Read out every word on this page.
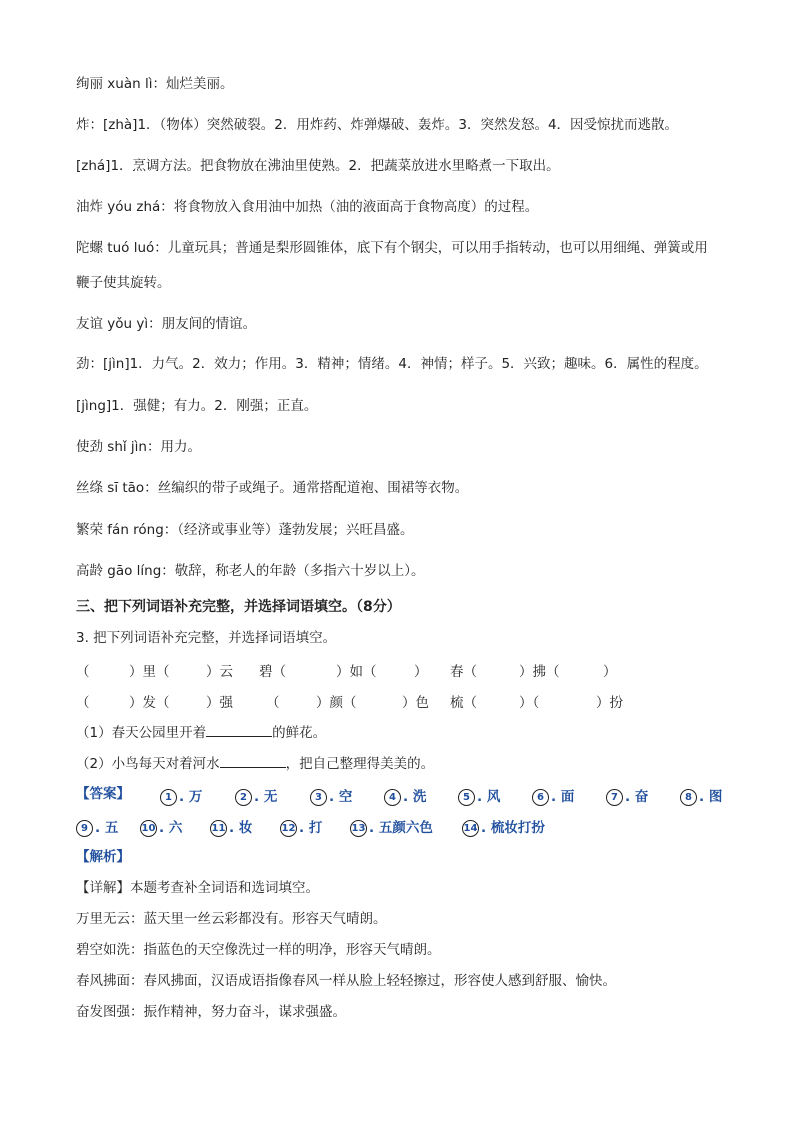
绚丽 xuàn lì：灿烂美丽。
炸：[zhà]1．（物体）突然破裂。2．用炸药、炸弹爆破、轰炸。3．突然发怒。4．因受惊扰而逃散。
[zhá]1．烹调方法。把食物放在沸油里使熟。2．把蔬菜放进水里略煮一下取出。
油炸 yóu zhá：将食物放入食用油中加热（油的液面高于食物高度）的过程。
陀螺 tuó luó：儿童玩具；普通是梨形圆锥体，底下有个钢尖，可以用手指转动，也可以用细绳、弹簧或用
鞭子使其旋转。
友谊 yǒu yì：朋友间的情谊。
劲：[jìn]1．力气。2．效力；作用。3．精神；情绪。4．神情；样子。5．兴致；趣味。6．属性的程度。
[jìng]1．强健；有力。2．刚强；正直。
使劲 shǐ jìn：用力。
丝绦 sī tāo：丝编织的带子或绳子。通常搭配道袍、围裙等衣物。
繁荣 fán róng：（经济或事业等）蓬勃发展；兴旺昌盛。
高龄 gāo líng：敬辞，称老人的年龄（多指六十岁以上）。
三、把下列词语补充完整，并选择词语填空。（8分）
3. 把下列词语补充完整，并选择词语填空。
（	）里（	）云 碧（	）如（	） 春（	）拂（	）
（	）发（	）强 （	）颜（	）色 梳（	）（	）扮
（1）春天公园里开着	的鲜花。
（2）小鸟每天对着河水	，把自己整理得美美的。
【答案】	1 . 万	2 . 无	3 . 空	4 . 洗	5 . 风	6 . 面	7 . 奋	8 . 图
9 . 五 10 . 六	11 . 妆	12 . 打	13 . 五颜六色	14 . 梳妆打扮
【解析】
【详解】本题考查补全词语和选词填空。
万里无云：蓝天里一丝云彩都没有。形容天气晴朗。
碧空如洗：指蓝色的天空像洗过一样的明净，形容天气晴朗。
春风拂面：春风拂面，汉语成语指像春风一样从脸上轻轻擦过，形容使人感到舒服、愉快。
奋发图强：振作精神，努力奋斗，谋求强盛。
